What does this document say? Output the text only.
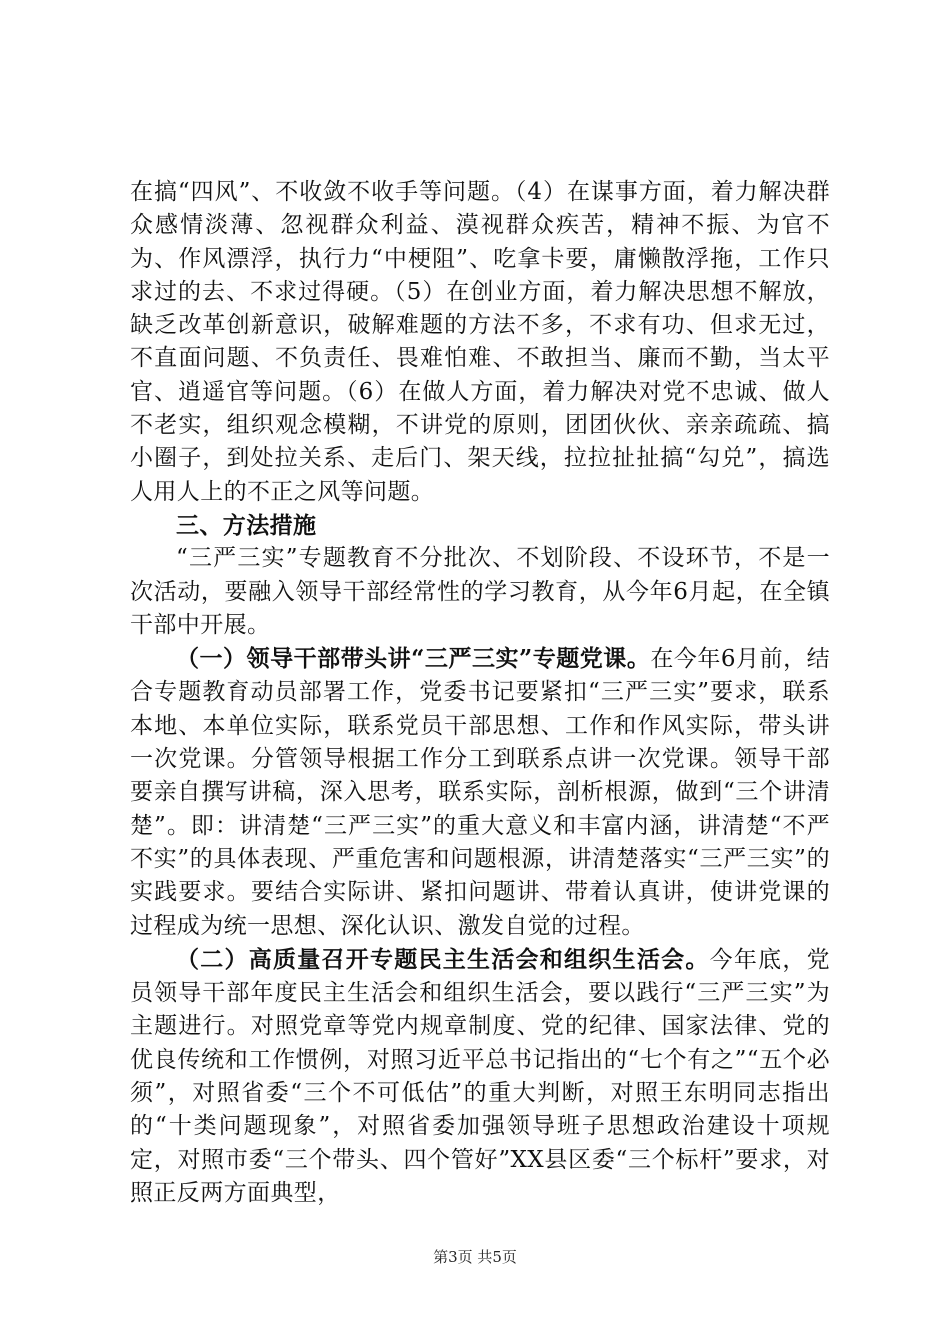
在搞“四风”、不收敛不收手等问题。（4）在谋事方面，着力解决群众感情淡薄、忽视群众利益、漠视群众疾苦，精神不振、为官不为、作风漂浮，执行力“中梗阻”、吃拿卡要，庸懒散浮拖，工作只求过的去、不求过得硬。（5）在创业方面，着力解决思想不解放，缺乏改革创新意识，破解难题的方法不多，不求有功、但求无过，不直面问题、不负责任、畏难怕难、不敢担当、廉而不勤，当太平官、逍遥官等问题。（6）在做人方面，着力解决对党不忠诚、做人不老实，组织观念模糊，不讲党的原则，团团伙伙、亲亲疏疏、搞小圈子，到处拉关系、走后门、架天线，拉拉扯扯搞“勾兑”，搞选人用人上的不正之风等问题。

三、方法措施

“三严三实”专题教育不分批次、不划阶段、不设环节，不是一次活动，要融入领导干部经常性的学习教育，从今年6月起，在全镇干部中开展。

（一）领导干部带头讲“三严三实”专题党课。在今年6月前，结合专题教育动员部署工作，党委书记要紧扣“三严三实”要求，联系本地、本单位实际，联系党员干部思想、工作和作风实际，带头讲一次党课。分管领导根据工作分工到联系点讲一次党课。领导干部要亲自撰写讲稿，深入思考，联系实际，剖析根源，做到“三个讲清楚”。即：讲清楚“三严三实”的重大意义和丰富内涵，讲清楚“不严不实”的具体表现、严重危害和问题根源，讲清楚落实“三严三实”的实践要求。要结合实际讲、紧扣问题讲、带着认真讲，使讲党课的过程成为统一思想、深化认识、激发自觉的过程。

（二）高质量召开专题民主生活会和组织生活会。今年底，党员领导干部年度民主生活会和组织生活会，要以践行“三严三实”为主题进行。对照党章等党内规章制度、党的纪律、国家法律、党的优良传统和工作惯例，对照习近平总书记指出的“七个有之”“五个必须”，对照省委“三个不可低估”的重大判断，对照王东明同志指出的“十类问题现象”，对照省委加强领导班子思想政治建设十项规定，对照市委“三个带头、四个管好”XX县区委“三个标杆”要求，对照正反两方面典型，

第3页 共5页
